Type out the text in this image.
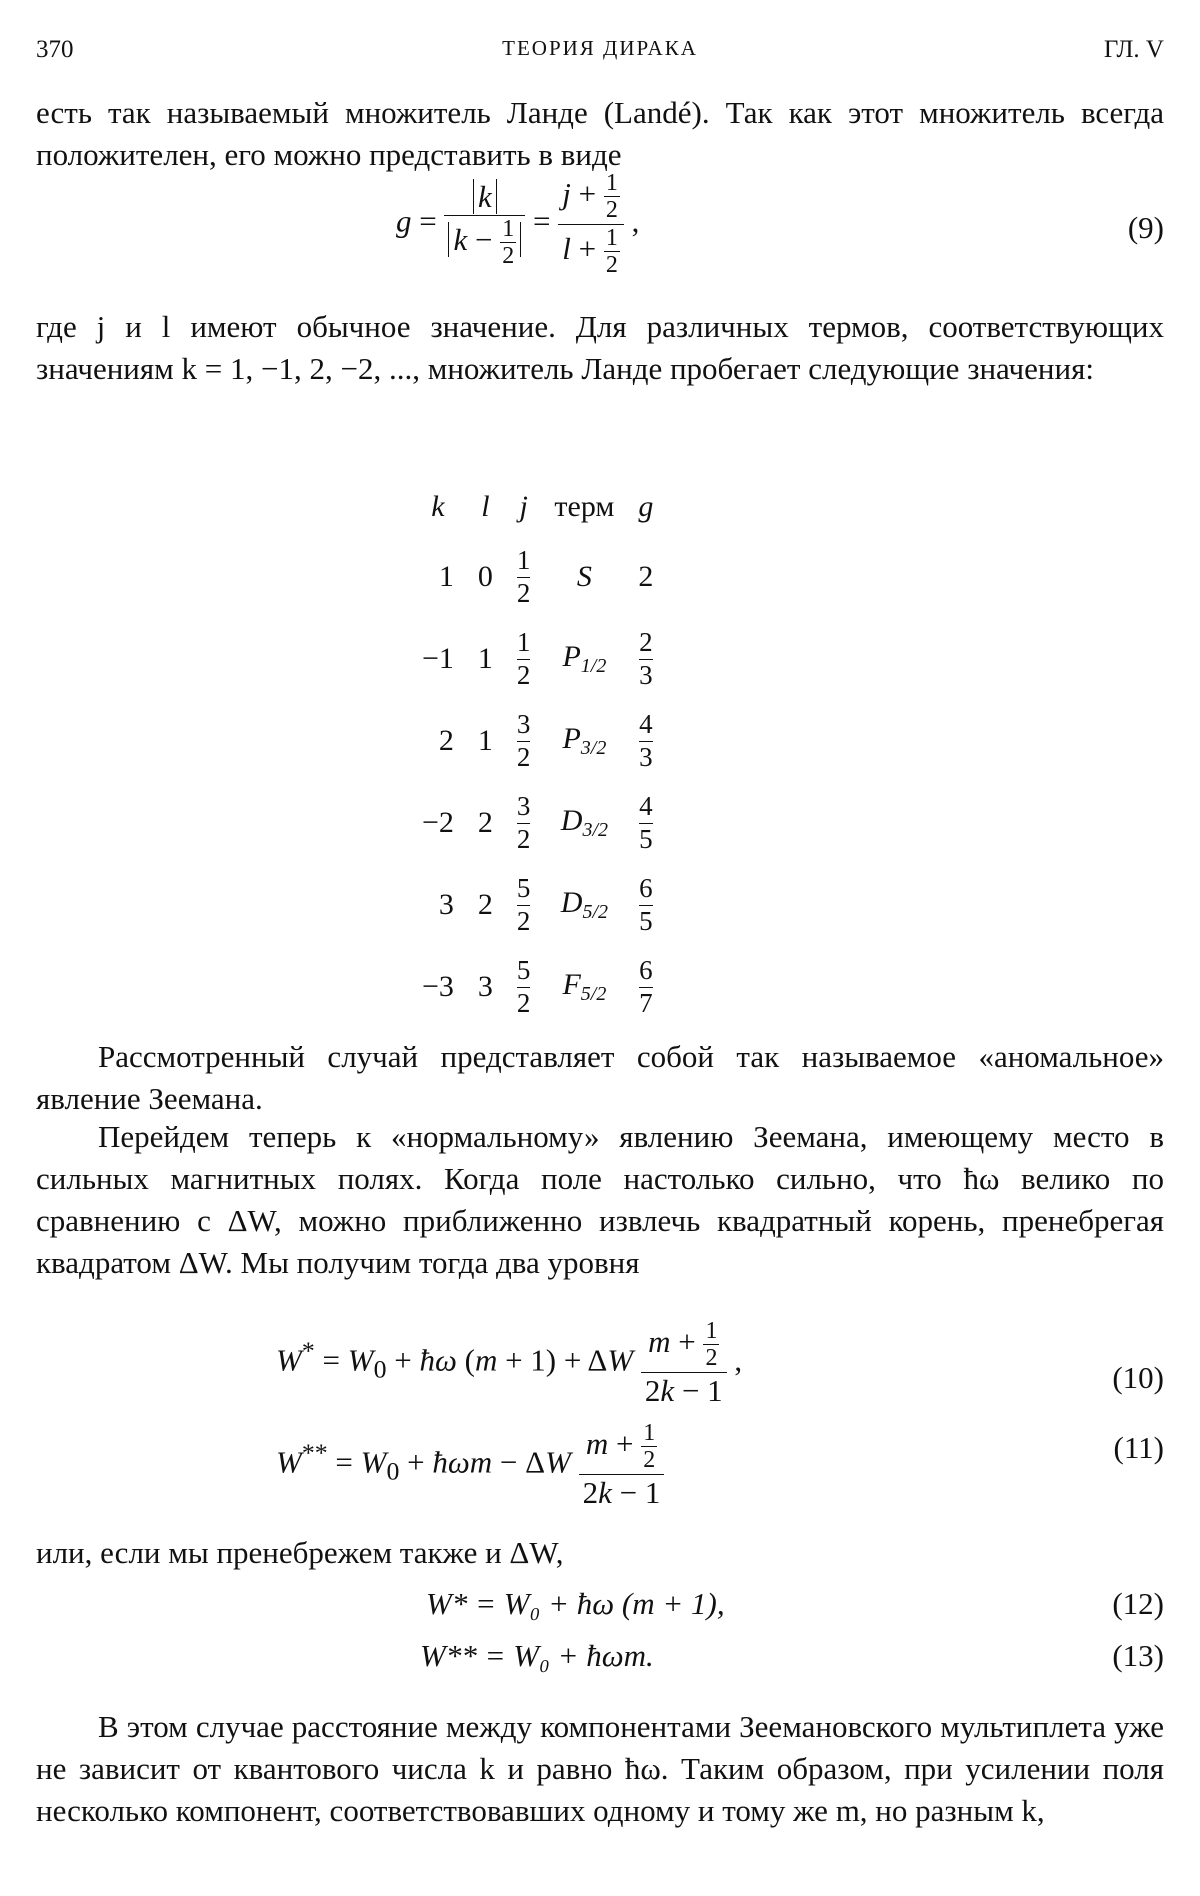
370	ТЕОРИЯ ДИРАКА	ГЛ. V
есть так называемый множитель Ланде (Landé). Так как этот множитель всегда положителен, его можно представить в виде
$g = \frac{k}{k - \frac{1}{2}} = \frac{j + \frac{1}{2}}{l + \frac{1}{2}}$ ,	(9)
где j и l имеют обычное значение. Для различных термов, соответствующих значениям k = 1, −1, 2, −2, ..., множитель Ланде пробегает следующие значения:
k	l	j	терм	g
1	0	$\frac{1}{2}$	S	2
−1	1	$\frac{1}{2}$	$P_{1/2}$	$\frac{2}{3}$

2	1	$\frac{3}{2}$	$P_{3/2}$	$\frac{4}{3}$

−2	2	$\frac{3}{2}$	$D_{3/2}$	$\frac{4}{5}$

3	2	$\frac{5}{2}$	$D_{5/2}$	$\frac{6}{5}$

−3	3	$\frac{5}{2}$	$F_{5/2}$	$\frac{6}{7}$
Рассмотренный случай представляет собой так называемое «аномальное» явление Зеемана.
Перейдем теперь к «нормальному» явлению Зеемана, имеющему место в сильных магнитных полях. Когда поле настолько сильно, что ħω велико по сравнению с ΔW, можно приближенно извлечь квадратный корень, пренебрегая квадратом ΔW. Мы получим тогда два уровня
$W^* = W_0$ + ħω (m + 1) + ΔW $\frac{m + \frac{1}{2}}{2k - 1}$ ,
(10)
$W^{**} = W_0$ + ħωm − ΔW $\frac{m + \frac{1}{2}}{2k - 1}$	(11)
или, если мы пренебрежем также и ΔW,
W* = W₀ + ħω (m + 1),	(12)
W** = W₀ + ħωm.	(13)
В этом случае расстояние между компонентами Зеемановского мультиплета уже не зависит от квантового числа k и равно ħω. Таким образом, при усилении поля несколько компонент, соответствовавших одному и тому же m, но разным k,
